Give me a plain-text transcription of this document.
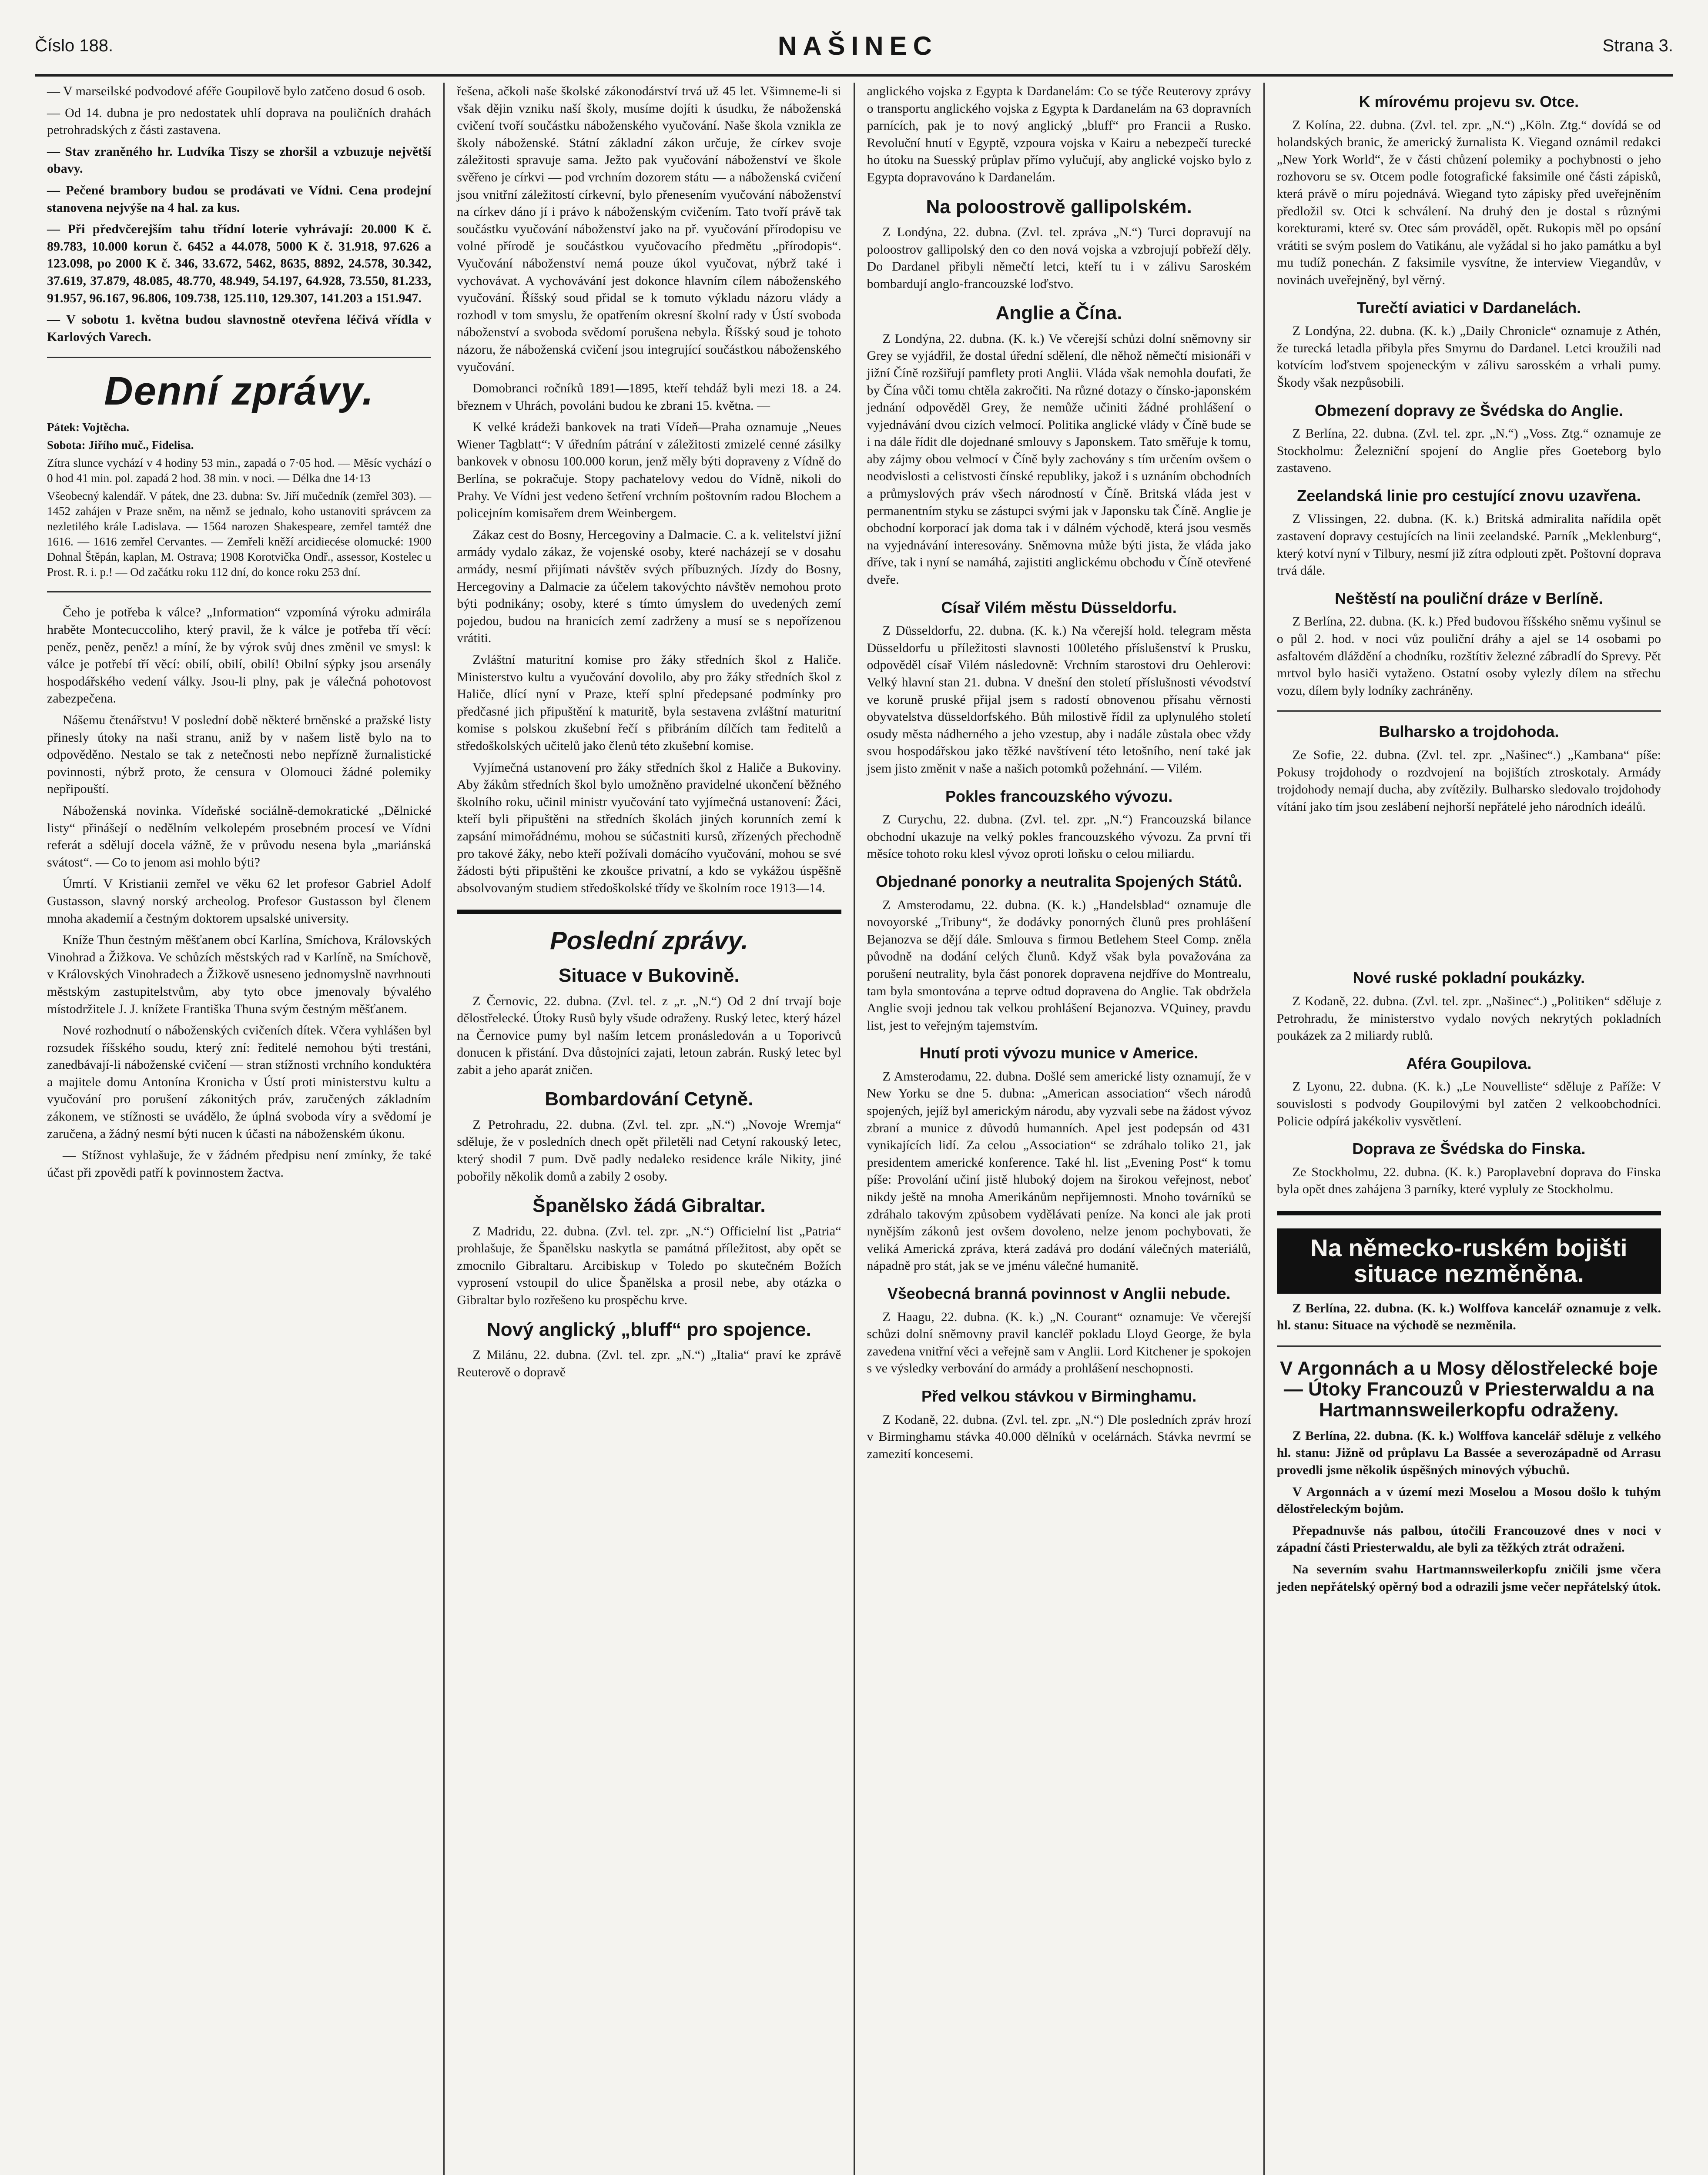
Číslo 188.	NAŠINEC	Strana 3.

— V marseilské podvodové aféře Goupilově bylo zatčeno dosud 6 osob.

— Od 14. dubna je pro nedostatek uhlí doprava na pouličních drahách petrohradských z části zastavena.

— Stav zraněného hr. Ludvíka Tiszy se zhoršil a vzbuzuje největší obavy.

— Pečené brambory budou se prodávati ve Vídni. Cena prodejní stanovena nejvýše na 4 hal. za kus.

— Při předvčerejším tahu třídní loterie vyhrávají: 20.000 K č. 89.783, 10.000 korun č. 6452 a 44.078, 5000 K č. 31.918, 97.626 a 123.098, po 2000 K č. 346, 33.672, 5462, 8635, 8892, 24.578, 30.342, 37.619, 37.879, 48.085, 48.770, 48.949, 54.197, 64.928, 73.550, 81.233, 91.957, 96.167, 96.806, 109.738, 125.110, 129.307, 141.203 a 151.947.

— V sobotu 1. května budou slavnostně otevřena léčivá vřídla v Karlových Varech.

Denní zprávy.

Pátek: Vojtěcha.

Sobota: Jiřího muč., Fidelisa.

Zítra slunce vychází v 4 hodiny 53 min., zapadá o 7·05 hod. — Měsíc vychází o 0 hod 41 min. pol. zapadá 2 hod. 38 min. v noci. — Délka dne 14·13

Všeobecný kalendář. V pátek, dne 23. dubna: Sv. Jiří mučedník (zemřel 303). — 1452 zahájen v Praze sněm, na němž se jednalo, koho ustanoviti správcem za nezletilého krále Ladislava. — 1564 narozen Shakespeare, zemřel tamtéž dne 1616. — 1616 zemřel Cervantes. — Zemřeli kněží arcidiecése olomucké: 1900 Dohnal Štěpán, kaplan, M. Ostrava; 1908 Korotvička Ondř., assessor, Kostelec u Prost. R. i. p.! — Od začátku roku 112 dní, do konce roku 253 dní.

Čeho je potřeba k válce? „Information“ vzpomíná výroku admirála hraběte Montecuccoliho, který pravil, že k válce je potřeba tří věcí: peněz, peněz, peněz! a míní, že by výrok svůj dnes změnil ve smysl: k válce je potřebí tří věcí: obilí, obilí, obilí! Obilní sýpky jsou arsenály hospodářského vedení války. Jsou-li plny, pak je válečná pohotovost zabezpečena.

Nášemu čtenářstvu! V poslední době některé brněnské a pražské listy přinesly útoky na naši stranu, aniž by v našem listě bylo na to odpověděno. Nestalo se tak z netečnosti nebo nepřízně žurnalistické povinnosti, nýbrž proto, že censura v Olomouci žádné polemiky nepřipouští.

Náboženská novinka. Vídeňské sociálně-demokratické „Dělnické listy“ přinášejí o nedělním velkolepém prosebném procesí ve Vídni referát a sdělují docela vážně, že v průvodu nesena byla „mariánská svátost“. — Co to jenom asi mohlo býti?

Úmrtí. V Kristianii zemřel ve věku 62 let profesor Gabriel Adolf Gustasson, slavný norský archeolog. Profesor Gustasson byl členem mnoha akademií a čestným doktorem upsalské university.

Kníže Thun čestným měšťanem obcí Karlína, Smíchova, Královských Vinohrad a Žižkova. Ve schůzích městských rad v Karlíně, na Smíchově, v Královských Vinohradech a Žižkově usneseno jednomyslně navrhnouti městským zastupitelstvům, aby tyto obce jmenovaly bývalého místodržitele J. J. knížete Františka Thuna svým čestným měšťanem.

Nové rozhodnutí o náboženských cvičeních dítek. Včera vyhlášen byl rozsudek říšského soudu, který zní: ředitelé nemohou býti trestáni, zanedbávají-li náboženské cvičení — stran stížnosti vrchního konduktéra a majitele domu Antonína Kronicha v Ústí proti ministerstvu kultu a vyučování pro porušení zákonitých práv, zaručených základním zákonem, ve stížnosti se uvádělo, že úplná svoboda víry a svědomí je zaručena, a žádný nesmí býti nucen k účasti na náboženském úkonu.

— Stížnost vyhlašuje, že v žádném předpisu není zmínky, že také účast při zpovědi patří k povinnostem žactva.

řešena, ačkoli naše školské zákonodárství trvá už 45 let. Všimneme-li si však dějin vzniku naší školy, musíme dojíti k úsudku, že náboženská cvičení tvoří součástku náboženského vyučování. Naše škola vznikla ze školy náboženské. Státní základní zákon určuje, že církev svoje záležitosti spravuje sama. Ježto pak vyučování náboženství ve škole svěřeno je církvi — pod vrchním dozorem státu — a náboženská cvičení jsou vnitřní záležitostí církevní, bylo přenesením vyučování náboženství na církev dáno jí i právo k náboženským cvičením. Tato tvoří právě tak součástku vyučování náboženství jako na př. vyučování přírodopisu ve volné přírodě je součástkou vyučovacího předmětu „přírodopis“. Vyučování náboženství nemá pouze úkol vyučovat, nýbrž také i vychovávat. A vychovávání jest dokonce hlavním cílem náboženského vyučování. Říšský soud přidal se k tomuto výkladu názoru vlády a rozhodl v tom smyslu, že opatřením okresní školní rady v Ústí svoboda náboženství a svoboda svědomí porušena nebyla. Říšský soud je tohoto názoru, že náboženská cvičení jsou integrující součástkou náboženského vyučování.

Domobranci ročníků 1891—1895, kteří tehdáž byli mezi 18. a 24. březnem v Uhrách, povoláni budou ke zbrani 15. května. —

K velké krádeži bankovek na trati Vídeň—Praha oznamuje „Neues Wiener Tagblatt“: V úředním pátrání v záležitosti zmizelé cenné zásilky bankovek v obnosu 100.000 korun, jenž měly býti dopraveny z Vídně do Berlína, se pokračuje. Stopy pachatelovy vedou do Vídně, nikoli do Prahy. Ve Vídni jest vedeno šetření vrchním poštovním radou Blochem a policejním komisařem drem Weinbergem.

Zákaz cest do Bosny, Hercegoviny a Dalmacie. C. a k. velitelství jižní armády vydalo zákaz, že vojenské osoby, které nacházejí se v dosahu armády, nesmí přijímati návštěv svých příbuzných. Jízdy do Bosny, Hercegoviny a Dalmacie za účelem takovýchto návštěv nemohou proto býti podnikány; osoby, které s tímto úmyslem do uvedených zemí pojedou, budou na hranicích zemí zadrženy a musí se s nepořízenou vrátiti.

Zvláštní maturitní komise pro žáky středních škol z Haliče. Ministerstvo kultu a vyučování dovolilo, aby pro žáky středních škol z Haliče, dlící nyní v Praze, kteří splní předepsané podmínky pro předčasné jich připuštění k maturitě, byla sestavena zvláštní maturitní komise s polskou zkušební řečí s přibráním dílčích tam ředitelů a středoškolských učitelů jako členů této zkušební komise.

Vyjímečná ustanovení pro žáky středních škol z Haliče a Bukoviny. Aby žákům středních škol bylo umožněno pravidelné ukončení běžného školního roku, učinil ministr vyučování tato vyjímečná ustanovení: Žáci, kteří byli připuštěni na středních školách jiných korunních zemí k zapsání mimořádnému, mohou se súčastniti kursů, zřízených přechodně pro takové žáky, nebo kteří požívali domácího vyučování, mohou se své žádosti býti připuštěni ke zkoušce privatní, a kdo se vykážou úspěšně absolvovaným studiem středoškolské třídy ve školním roce 1913—14.

Poslední zprávy.
Situace v Bukovině.

Z Černovic, 22. dubna. (Zvl. tel. z „r. „N.“) Od 2 dní trvají boje dělostřelecké. Útoky Rusů byly všude odraženy. Ruský letec, který házel na Černovice pumy byl naším letcem pronásledován a u Toporivců donucen k přistání. Dva důstojníci zajati, letoun zabrán. Ruský letec byl zabit a jeho aparát zničen.

Bombardování Cetyně.

Z Petrohradu, 22. dubna. (Zvl. tel. zpr. „N.“) „Novoje Wremja“ sděluje, že v posledních dnech opět přiletěli nad Cetyní rakouský letec, který shodil 7 pum. Dvě padly nedaleko residence krále Nikity, jiné pobořily několik domů a zabily 2 osoby.

Španělsko žádá Gibraltar.

Z Madridu, 22. dubna. (Zvl. tel. zpr. „N.“) Officielní list „Patria“ prohlašuje, že Španělsku naskytla se památná příležitost, aby opět se zmocnilo Gibraltaru. Arcibiskup v Toledo po skutečném Božích vyprosení vstoupil do ulice Španělska a prosil nebe, aby otázka o Gibraltar bylo rozřešeno ku prospěchu krve.

Nový anglický „bluff“ pro spojence.

Z Milánu, 22. dubna. (Zvl. tel. zpr. „N.“) „Italia“ praví ke zprávě Reuterově o dopravě

anglického vojska z Egypta k Dardanelám: Co se týče Reuterovy zprávy o transportu anglického vojska z Egypta k Dardanelám na 63 dopravních parnících, pak je to nový anglický „bluff“ pro Francii a Rusko. Revoluční hnutí v Egyptě, vzpoura vojska v Kairu a nebezpečí turecké ho útoku na Suesský průplav přímo vylučují, aby anglické vojsko bylo z Egypta dopravováno k Dardanelám.

Na poloostrově gallipolském.

Z Londýna, 22. dubna. (Zvl. tel. zpráva „N.“) Turci dopravují na poloostrov gallipolský den co den nová vojska a vzbrojují pobřeží děly. Do Dardanel přibyli němečtí letci, kteří tu i v zálivu Saroském bombardují anglo-francouzské loďstvo.

Anglie a Čína.

Z Londýna, 22. dubna. (K. k.) Ve včerejší schůzi dolní sněmovny sir Grey se vyjádřil, že dostal úřední sdělení, dle něhož němečtí misionáři v jižní Číně rozšiřují pamflety proti Anglii. Vláda však nemohla doufati, že by Čína vůči tomu chtěla zakročiti. Na různé dotazy o čínsko-japonském jednání odpověděl Grey, že nemůže učiniti žádné prohlášení o vyjednávání dvou cizích velmocí. Politika anglické vlády v Číně bude se i na dále řídit dle dojednané smlouvy s Japonskem. Tato směřuje k tomu, aby zájmy obou velmocí v Číně byly zachovány s tím určením ovšem o neodvislosti a celistvosti čínské republiky, jakož i s uznáním obchodních a průmyslových práv všech národností v Číně. Britská vláda jest v permanentním styku se zástupci svými jak v Japonsku tak Číně. Anglie je obchodní korporací jak doma tak i v dálném východě, která jsou vesměs na vyjednávání interesovány. Sněmovna může býti jista, že vláda jako dříve, tak i nyní se namáhá, zajistiti anglickému obchodu v Číně otevřené dveře.

Císař Vilém městu Düsseldorfu.

Z Düsseldorfu, 22. dubna. (K. k.) Na včerejší hold. telegram města Düsseldorfu u příležitosti slavnosti 100letého příslušenství k Prusku, odpověděl císař Vilém následovně: Vrchním starostovi dru Oehlerovi: Velký hlavní stan 21. dubna. V dnešní den století příslušnosti vévodství ve koruně pruské přijal jsem s radostí obnovenou přísahu věrnosti obyvatelstva düsseldorfského. Bůh milostivě řídil za uplynulého století osudy města nádherného a jeho vzestup, aby i nadále zůstala obec vždy svou hospodářskou jako těžké navštívení této letošního, není také jak jsem jisto změnit v naše a našich potomků požehnání. — Vilém.

Pokles francouzského vývozu.

Z Curychu, 22. dubna. (Zvl. tel. zpr. „N.“) Francouzská bilance obchodní ukazuje na velký pokles francouzského vývozu. Za první tři měsíce tohoto roku klesl vývoz oproti loňsku o celou miliardu.

Objednané ponorky a neutralita Spojených Států.

Z Amsterodamu, 22. dubna. (K. k.) „Handelsblad“ oznamuje dle novoyorské „Tribuny“, že dodávky ponorných člunů pres prohlášení Bejanozva se dějí dále. Smlouva s firmou Betlehem Steel Comp. zněla původně na dodání celých člunů. Když však byla považována za porušení neutrality, byla část ponorek dopravena nejdříve do Montrealu, tam byla smontována a teprve odtud dopravena do Anglie. Tak obdržela Anglie svoji jednou tak velkou prohlášení Bejanozva. VQuiney, pravdu list, jest to veřejným tajemstvím.

Hnutí proti vývozu munice v Americe.

Z Amsterodamu, 22. dubna. Došlé sem americké listy oznamují, že v New Yorku se dne 5. dubna: „American association“ všech národů spojených, jejíž byl americkým národu, aby vyzvali sebe na žádost vývoz zbraní a munice z důvodů humanních. Apel jest podepsán od 431 vynikajících lidí. Za celou „Association“ se zdráhalo toliko 21, jak presidentem americké konference. Také hl. list „Evening Post“ k tomu píše: Provolání učiní jistě hluboký dojem na širokou veřejnost, neboť nikdy ještě na mnoha Amerikánům nepřijemnosti. Mnoho továrníků se zdráhalo takovým způsobem vydělávati peníze. Na konci ale jak proti nynějším zákonů jest ovšem dovoleno, nelze jenom pochybovati, že veliká Americká zpráva, která zadává pro dodání válečných materiálů, nápadně pro stát, jak se ve jménu válečné humanitě.

Všeobecná branná povinnost v Anglii nebude.

Z Haagu, 22. dubna. (K. k.) „N. Courant“ oznamuje: Ve včerejší schůzi dolní sněmovny pravil kancléř pokladu Lloyd George, že byla zavedena vnitřní věci a veřejně sam v Anglii. Lord Kitchener je spokojen s ve výsledky verbování do armády a prohlášení neschopnosti.

Před velkou stávkou v Birminghamu.

Z Kodaně, 22. dubna. (Zvl. tel. zpr. „N.“) Dle posledních zpráv hrozí v Birminghamu stávka 40.000 dělníků v ocelárnách. Stávka nevrmí se zamezití koncesemi.

K mírovému projevu sv. Otce.

Z Kolína, 22. dubna. (Zvl. tel. zpr. „N.“) „Köln. Ztg.“ dovídá se od holandských branic, že americký žurnalista K. Viegand oznámil redakci „New York World“, že v části chůzení polemiky a pochybnosti o jeho rozhovoru se sv. Otcem podle fotografické faksimile oné části zápisků, která právě o míru pojednává. Wiegand tyto zápisky před uveřejněním předložil sv. Otci k schválení. Na druhý den je dostal s různými korekturami, které sv. Otec sám prováděl, opět. Rukopis měl po opsání vrátiti se svým poslem do Vatikánu, ale vyžádal si ho jako památku a byl mu tudíž ponechán. Z faksimile vysvítne, že interview Viegandův, v novinách uveřejněný, byl věrný.

Turečtí aviatici v Dardanelách.

Z Londýna, 22. dubna. (K. k.) „Daily Chronicle“ oznamuje z Athén, že turecká letadla přibyla přes Smyrnu do Dardanel. Letci kroužili nad kotvícím loďstvem spojeneckým v zálivu sarosském a vrhali pumy. Škody však nezpůsobili.

Obmezení dopravy ze Švédska do Anglie.

Z Berlína, 22. dubna. (Zvl. tel. zpr. „N.“) „Voss. Ztg.“ oznamuje ze Stockholmu: Železniční spojení do Anglie přes Goeteborg bylo zastaveno.

Zeelandská linie pro cestující znovu uzavřena.

Z Vlissingen, 22. dubna. (K. k.) Britská admiralita nařídila opět zastavení dopravy cestujících na linii zeelandské. Parník „Meklenburg“, který kotví nyní v Tilbury, nesmí již zítra odplouti zpět. Poštovní doprava trvá dále.

Neštěstí na pouliční dráze v Berlíně.

Z Berlína, 22. dubna. (K. k.) Před budovou říšského sněmu vyšinul se o půl 2. hod. v noci vůz pouliční dráhy a ajel se 14 osobami po asfaltovém dláždění a chodníku, rozštítiv železné zábradlí do Sprevy. Pět mrtvol bylo hasiči vytaženo. Ostatní osoby vylezly dílem na střechu vozu, dílem byly lodníky zachráněny.

Bulharsko a trojdohoda.

Ze Sofie, 22. dubna. (Zvl. tel. zpr. „Našinec“.) „Kambana“ píše: Pokusy trojdohody o rozdvojení na bojištích ztroskotaly. Armády trojdohody nemají ducha, aby zvítězily. Bulharsko sledovalo trojdohody vítání jako tím jsou zeslábení nejhorší nepřátelé jeho národních ideálů.

Nové ruské pokladní poukázky.

Z Kodaně, 22. dubna. (Zvl. tel. zpr. „Našinec“.) „Politiken“ sděluje z Petrohradu, že ministerstvo vydalo nových nekrytých pokladních poukázek za 2 miliardy rublů.

Aféra Goupilova.

Z Lyonu, 22. dubna. (K. k.) „Le Nouvelliste“ sděluje z Paříže: V souvislosti s podvody Goupilovými byl zatčen 2 velkoobchodníci. Policie odpírá jakékoliv vysvětlení.

Doprava ze Švédska do Finska.

Ze Stockholmu, 22. dubna. (K. k.) Paroplavební doprava do Finska byla opět dnes zahájena 3 parníky, které vypluly ze Stockholmu.

Na německo-ruském bojišti situace nezměněna.

Z Berlína, 22. dubna. (K. k.) Wolffova kancelář oznamuje z velk. hl. stanu: Situace na východě se nezměnila.

V Argonnách a u Mosy dělostřelecké boje — Útoky Francouzů v Priesterwaldu a na Hartmannsweilerkopfu odraženy.

Z Berlína, 22. dubna. (K. k.) Wolffova kancelář sděluje z velkého hl. stanu: Jižně od průplavu La Bassée a severozápadně od Arrasu provedli jsme několik úspěšných minových výbuchů.

V Argonnách a v území mezi Moselou a Mosou došlo k tuhým dělostřeleckým bojům.

Přepadnuvše nás palbou, útočili Francouzové dnes v noci v západní části Priesterwaldu, ale byli za těžkých ztrát odraženi.

Na severním svahu Hartmannsweilerkopfu zničili jsme včera jeden nepřátelský opěrný bod a odrazili jsme večer nepřátelský útok.
